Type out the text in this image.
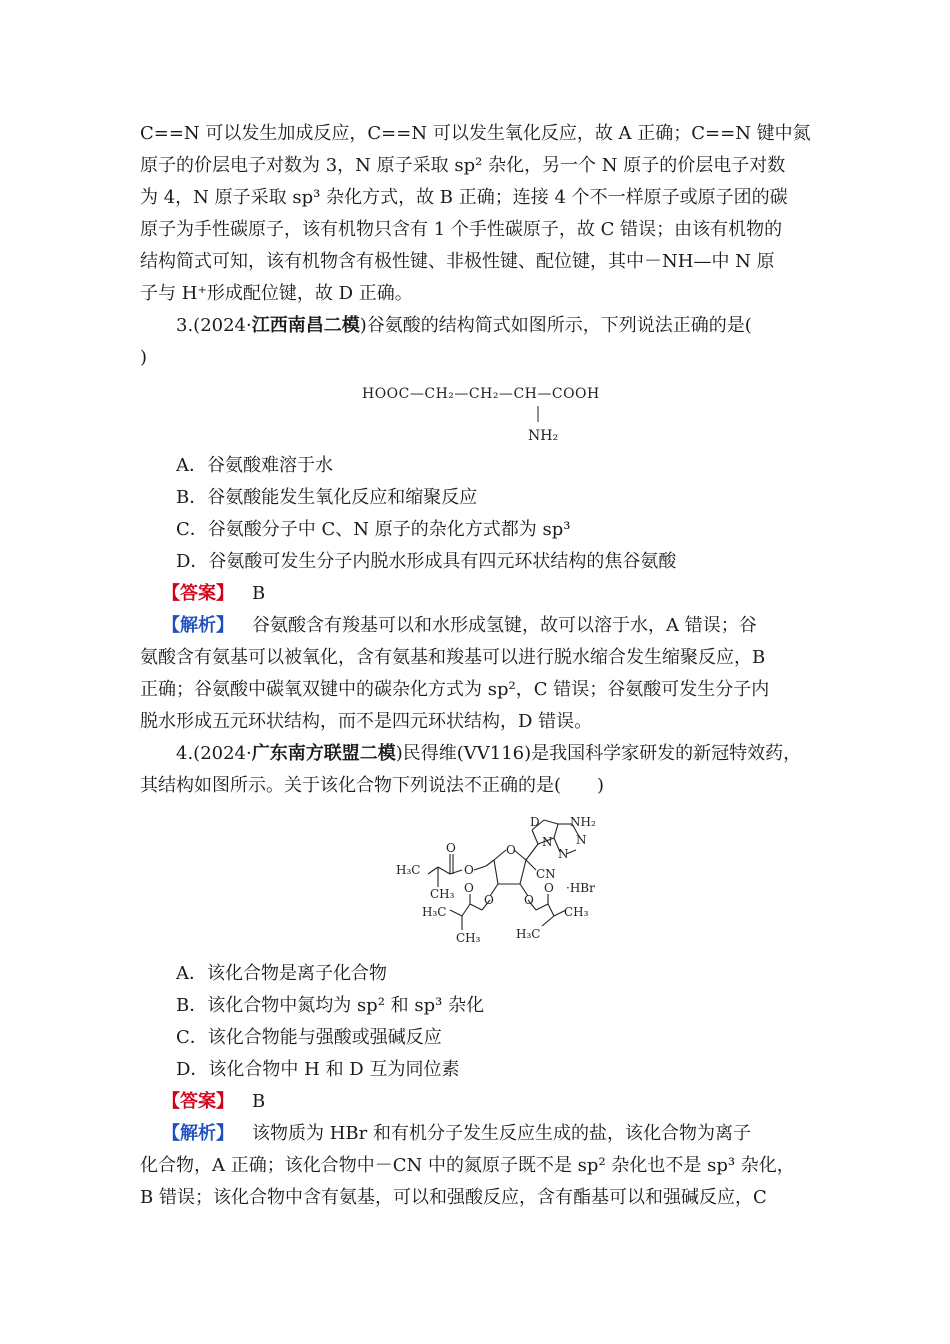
C==N 可以发生加成反应，C==N 可以发生氧化反应，故 A 正确；C==N 键中氮
原子的价层电子对数为 3，N 原子采取 sp² 杂化，另一个 N 原子的价层电子对数
为 4，N 原子采取 sp³ 杂化方式，故 B 正确；连接 4 个不一样原子或原子团的碳
原子为手性碳原子，该有机物只含有 1 个手性碳原子，故 C 错误；由该有机物的
结构简式可知，该有机物含有极性键、非极性键、配位键，其中－NH—中 N 原
子与 H⁺形成配位键，故 D 正确。

3.(2024·江西南昌二模)谷氨酸的结构简式如图所示，下列说法正确的是(

)

HOOC—CH₂—CH₂—CH—COOH
NH₂

A．谷氨酸难溶于水

B．谷氨酸能发生氧化反应和缩聚反应

C．谷氨酸分子中 C、N 原子的杂化方式都为 sp³

D．谷氨酸可发生分子内脱水形成具有四元环状结构的焦谷氨酸

【答案】  B

【解析】  谷氨酸含有羧基可以和水形成氢键，故可以溶于水，A 错误；谷
氨酸含有氨基可以被氧化，含有氨基和羧基可以进行脱水缩合发生缩聚反应，B
正确；谷氨酸中碳氧双键中的碳杂化方式为 sp²，C 错误；谷氨酸可发生分子内
脱水形成五元环状结构，而不是四元环状结构，D 错误。

4.(2024·广东南方联盟二模)民得维(VV116)是我国科学家研发的新冠特效药，
其结构如图所示。关于该化合物下列说法不正确的是(　　)

D	NH₂
O
H₃C	O
O
N
N
N
CN
CH₃ O
O
·HBr
O
O
H₃C
CH₃	H₃C
CH₃

A．该化合物是离子化合物

B．该化合物中氮均为 sp² 和 sp³ 杂化

C．该化合物能与强酸或强碱反应

D．该化合物中 H 和 D 互为同位素

【答案】  B

【解析】  该物质为 HBr 和有机分子发生反应生成的盐，该化合物为离子
化合物，A 正确；该化合物中－CN 中的氮原子既不是 sp² 杂化也不是 sp³ 杂化，
B 错误；该化合物中含有氨基，可以和强酸反应，含有酯基可以和强碱反应，C
